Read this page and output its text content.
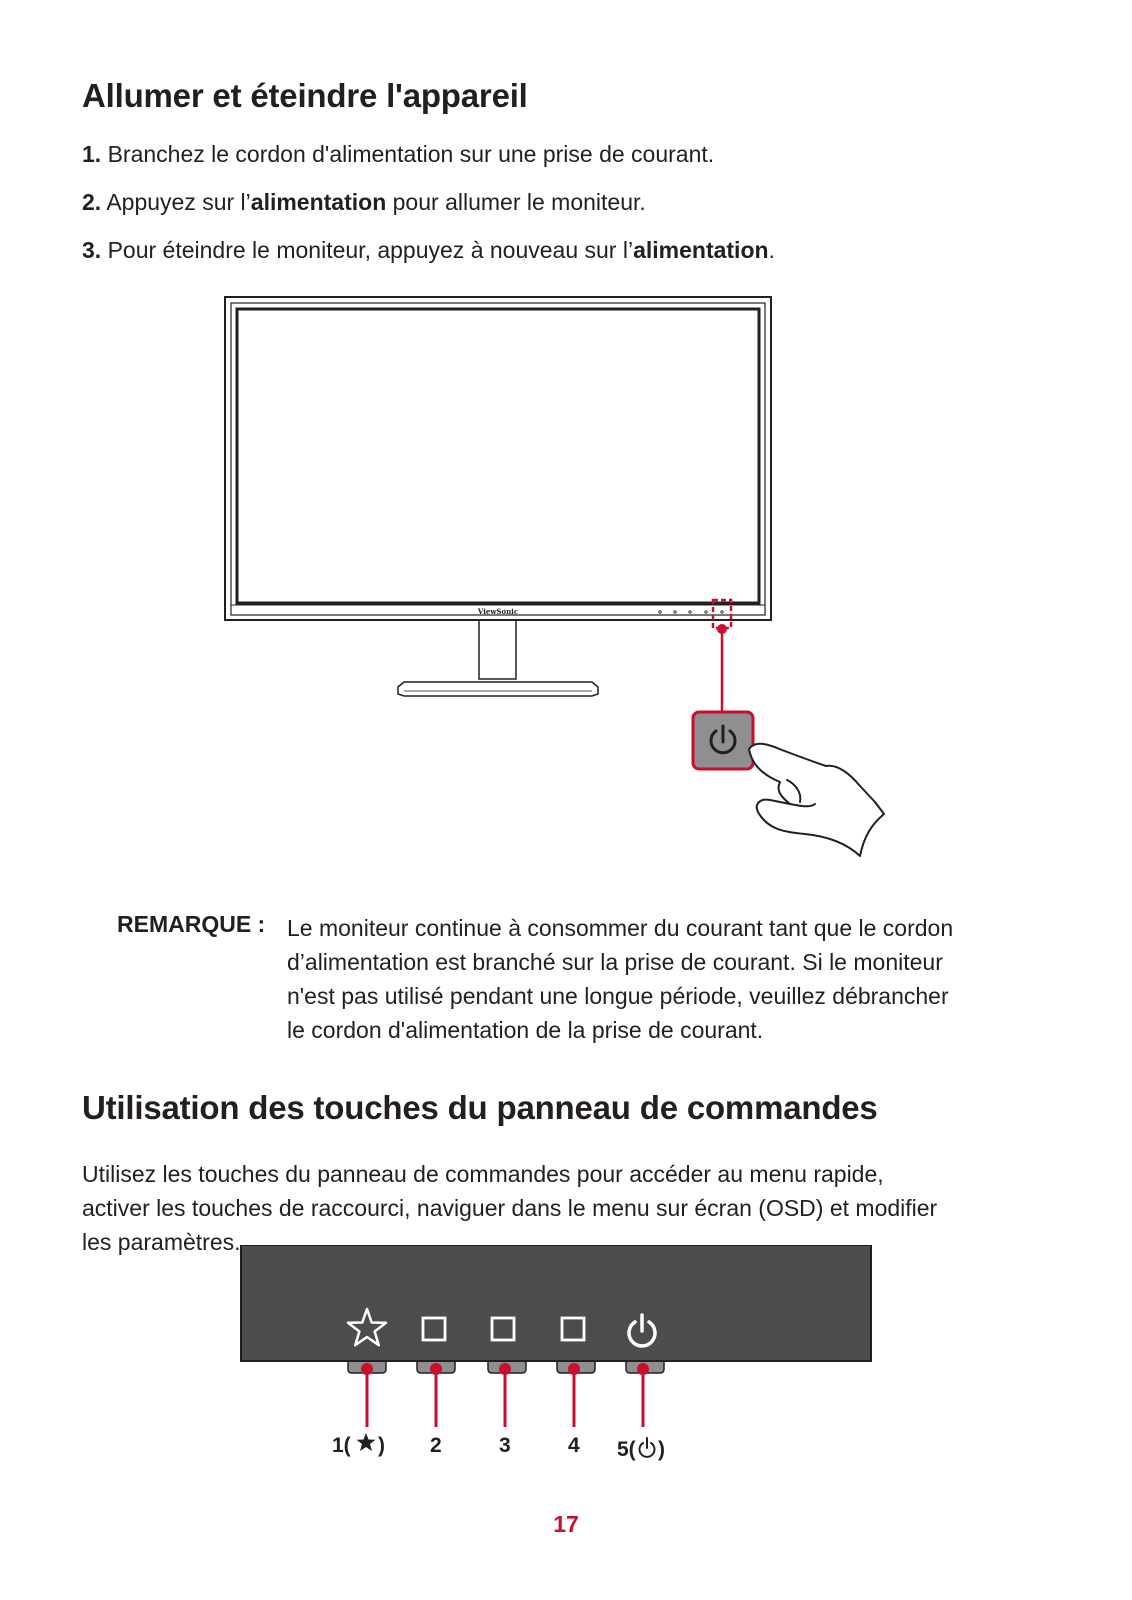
Allumer et éteindre l'appareil
1. Branchez le cordon d'alimentation sur une prise de courant.
2. Appuyez sur l’alimentation pour allumer le moniteur.
3. Pour éteindre le moniteur, appuyez à nouveau sur l’alimentation.
ViewSonic
REMARQUE : Le moniteur continue à consommer du courant tant que le cordon
d’alimentation est branché sur la prise de courant. Si le moniteur
n'est pas utilisé pendant une longue période, veuillez débrancher
le cordon d'alimentation de la prise de courant.
Utilisation des touches du panneau de commandes
Utilisez les touches du panneau de commandes pour accéder au menu rapide,
activer les touches de raccourci, naviguer dans le menu sur écran (OSD) et modifier
les paramètres.
1( ) 2	3	4 5( )
17
